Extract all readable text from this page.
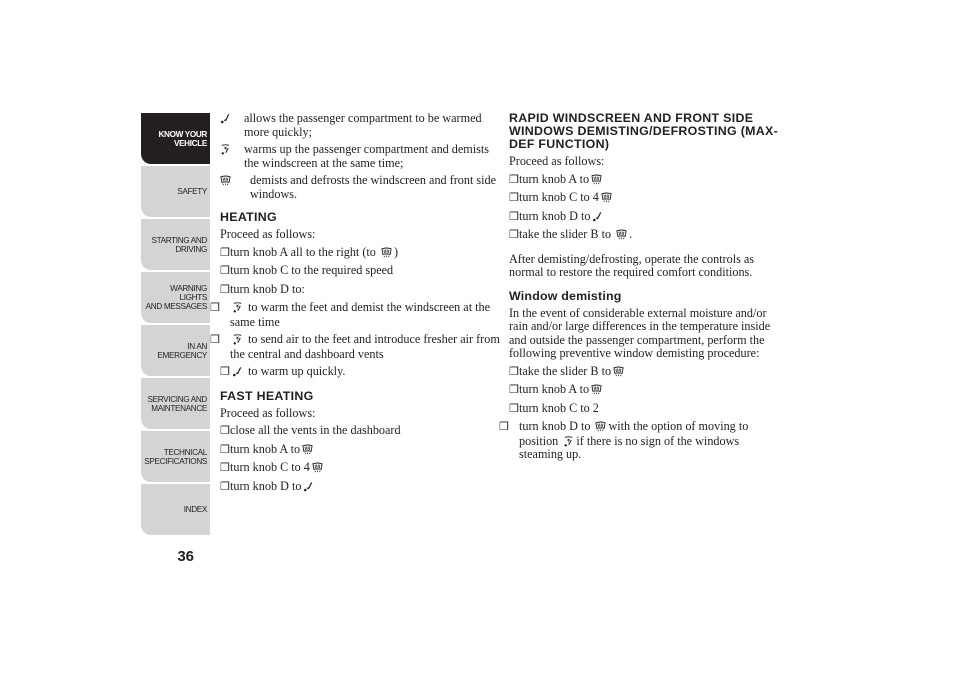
KNOW YOUR
VEHICLE
SAFETY
STARTING AND
DRIVING
WARNING LIGHTS
AND MESSAGES
IN AN EMERGENCY
SERVICING AND
MAINTENANCE
TECHNICAL
SPECIFICATIONS
INDEX
36
allows the passenger compartment to be warmed more quickly;
warms up the passenger compartment and demists the windscreen at the same time;
demists and defrosts the windscreen and front side windows.
HEATING

Proceed as follows:

❒turn knob A all to the right (to )
❒turn knob C to the required speed
❒turn knob D to:
❒ to warm the feet and demist the windscreen at the same time
❒ to send air to the feet and introduce fresher air from the central and dashboard vents
❒ to warm up quickly.
FAST HEATING

Proceed as follows:

❒close all the vents in the dashboard
❒turn knob A to
❒turn knob C to 4
❒turn knob D to
RAPID WINDSCREEN AND FRONT SIDE WINDOWS DEMISTING/DEFROSTING (MAX-DEF FUNCTION)

Proceed as follows:

❒turn knob A to
❒turn knob C to 4
❒turn knob D to
❒take the slider B to .

After demisting/defrosting, operate the controls as normal to restore the required comfort conditions.

Window demisting

In the event of considerable external moisture and/or rain and/or large differences in the temperature inside and outside the passenger compartment, perform the following preventive window demisting procedure:

❒take the slider B to
❒turn knob A to
❒turn knob C to 2
❒ turn knob D to with the option of moving to position if there is no sign of the windows steaming up.
